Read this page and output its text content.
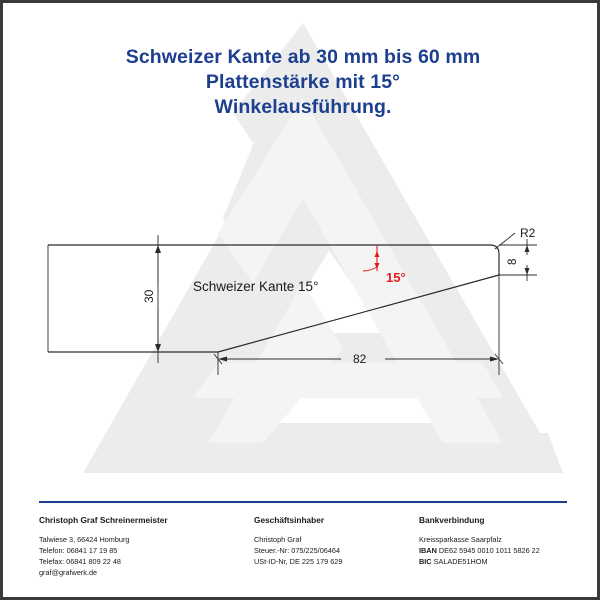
Schweizer Kante 15°
15°
R2
8
30
82
Schweizer Kante ab 30 mm bis 60 mm
Plattenstärke mit 15°
Winkelausführung.
Christoph Graf Schreinermeister
Talwiese 3, 66424 Homburg
Telefon: 06841 17 19 85
Telefax: 06841 809 22 48
graf@grafwerk.de
Geschäftsinhaber
Christoph Graf
Steuer.-Nr: 075/225/06464
USt-ID-Nr, DE 225 179 629
Bankverbindung
Kreissparkasse Saarpfalz
IBAN DE62 5945 0010 1011 5826 22
BIC SALADE51HOM
